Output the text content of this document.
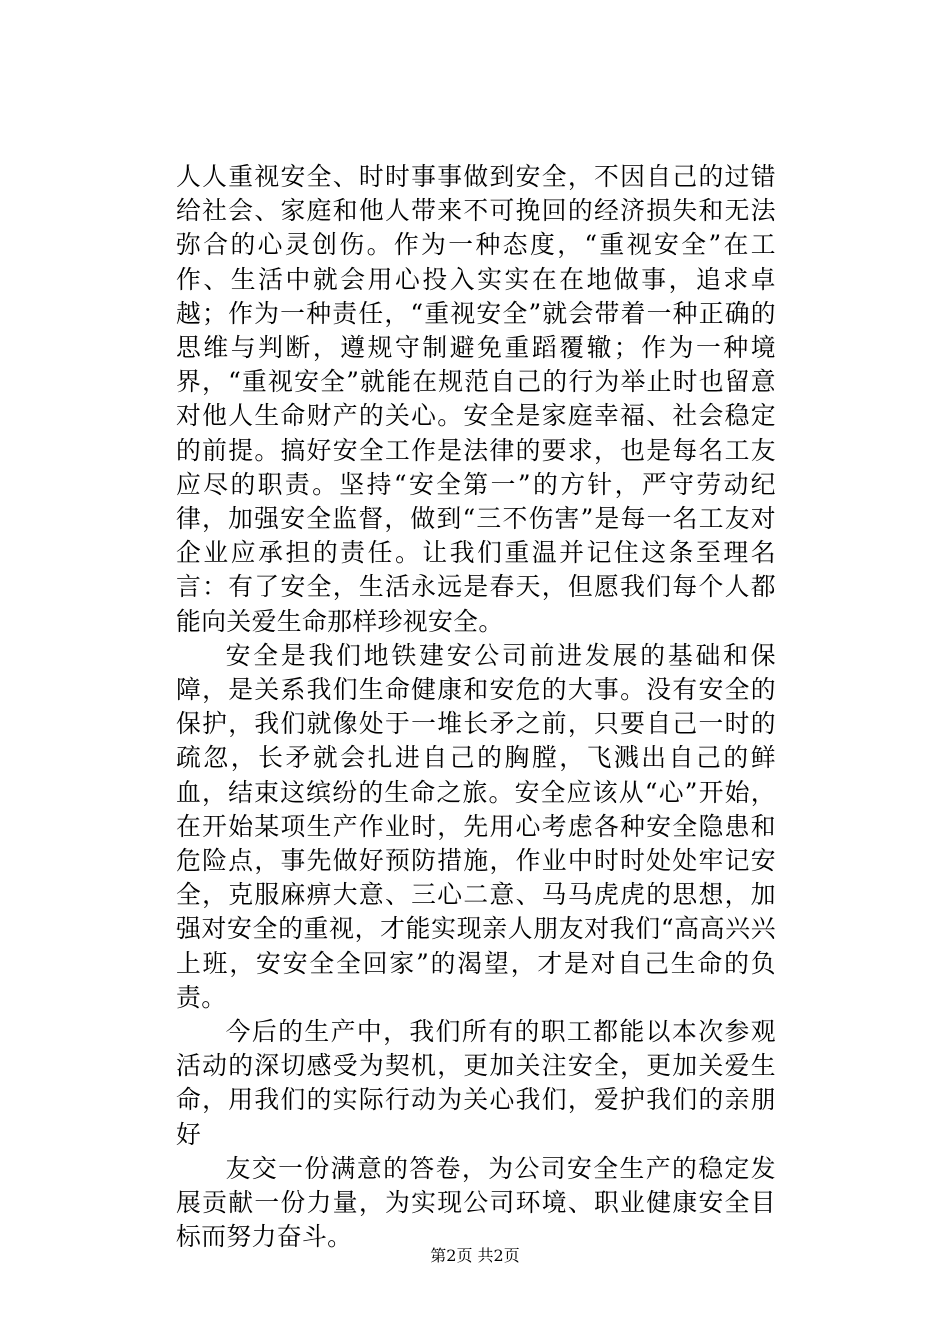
人人重视安全、时时事事做到安全，不因自己的过错给社会、家庭和他人带来不可挽回的经济损失和无法弥合的心灵创伤。作为一种态度，“重视安全”在工作、生活中就会用心投入实实在在地做事，追求卓越；作为一种责任，“重视安全”就会带着一种正确的思维与判断，遵规守制避免重蹈覆辙；作为一种境界，“重视安全”就能在规范自己的行为举止时也留意对他人生命财产的关心。安全是家庭幸福、社会稳定的前提。搞好安全工作是法律的要求，也是每名工友应尽的职责。坚持“安全第一”的方针，严守劳动纪律，加强安全监督，做到“三不伤害”是每一名工友对企业应承担的责任。让我们重温并记住这条至理名言：有了安全，生活永远是春天，但愿我们每个人都能向关爱生命那样珍视安全。

安全是我们地铁建安公司前进发展的基础和保障，是关系我们生命健康和安危的大事。没有安全的保护，我们就像处于一堆长矛之前，只要自己一时的疏忽，长矛就会扎进自己的胸膛，飞溅出自己的鲜血，结束这缤纷的生命之旅。安全应该从“心”开始，在开始某项生产作业时，先用心考虑各种安全隐患和危险点，事先做好预防措施，作业中时时处处牢记安全，克服麻痹大意、三心二意、马马虎虎的思想，加强对安全的重视，才能实现亲人朋友对我们“高高兴兴上班，安安全全回家”的渴望，才是对自己生命的负责。

今后的生产中，我们所有的职工都能以本次参观活动的深切感受为契机，更加关注安全，更加关爱生命，用我们的实际行动为关心我们，爱护我们的亲朋好

友交一份满意的答卷，为公司安全生产的稳定发展贡献一份力量，为实现公司环境、职业健康安全目标而努力奋斗。

第2页 共2页
